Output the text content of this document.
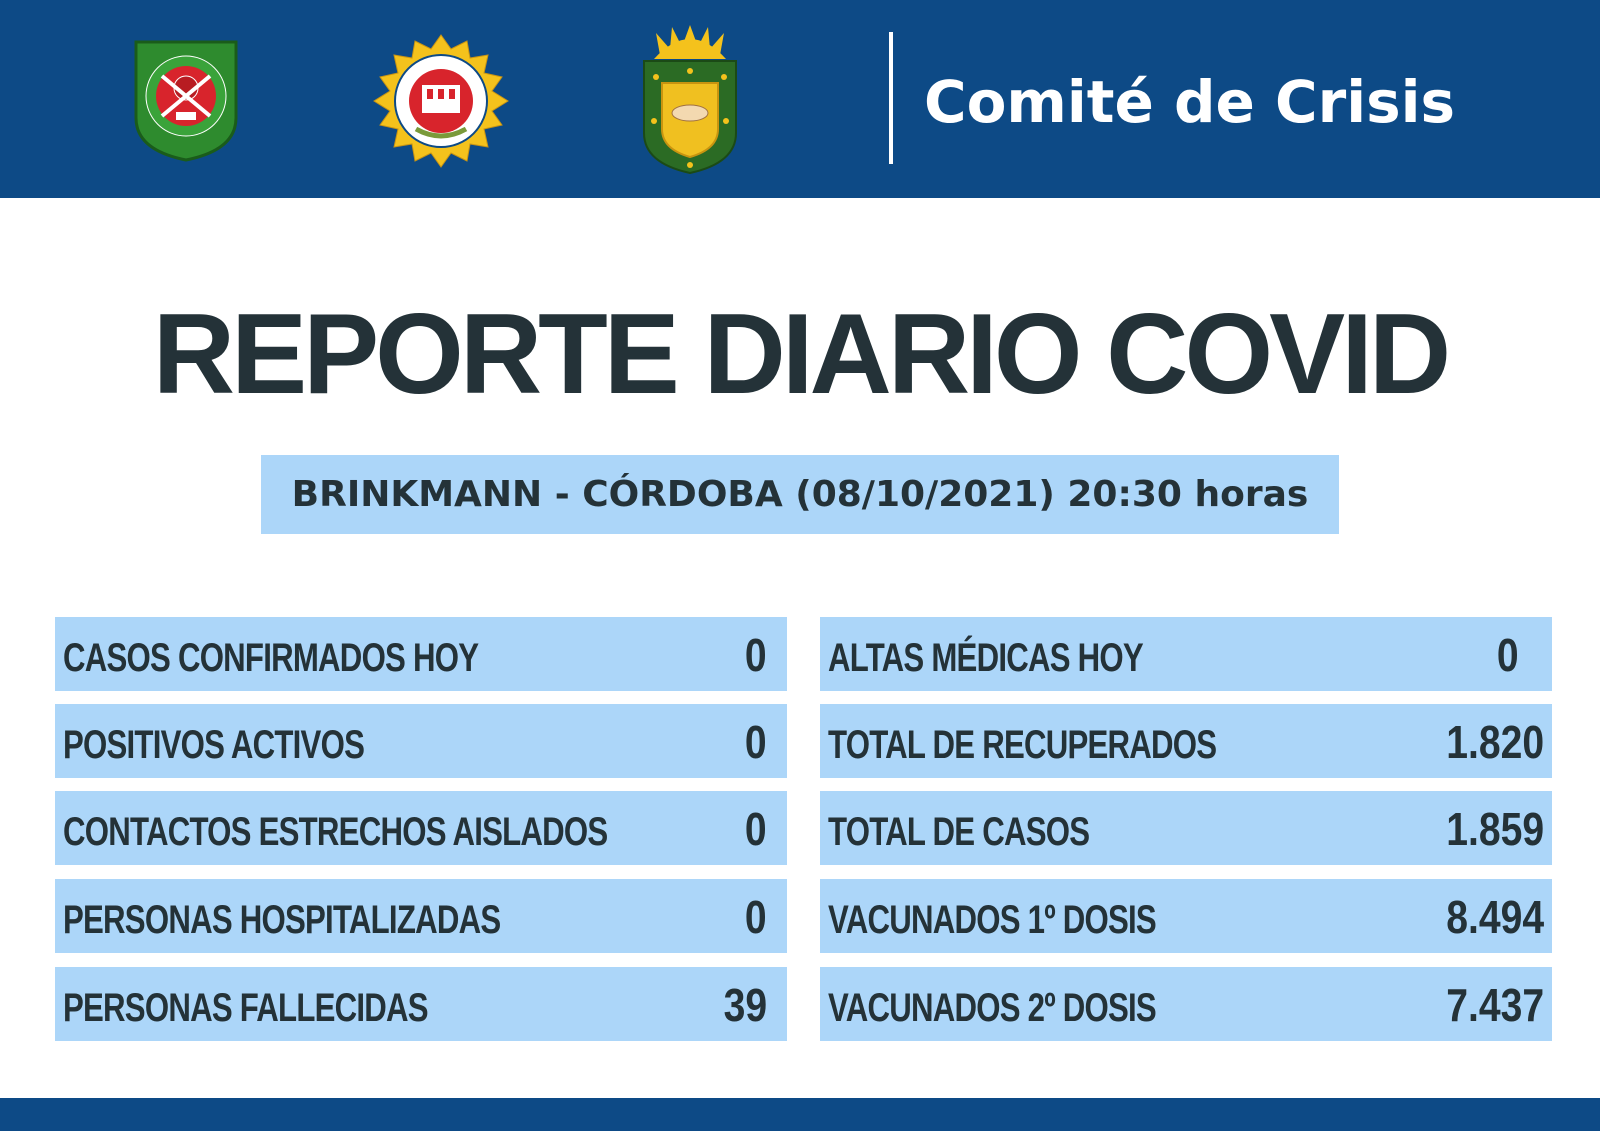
Comité de Crisis
REPORTE DIARIO COVID
BRINKMANN - CÓRDOBA (08/10/2021) 20:30 horas
CASOS CONFIRMADOS HOY	0
POSITIVOS ACTIVOS	0
CONTACTOS ESTRECHOS AISLADOS	0
PERSONAS HOSPITALIZADAS	0
PERSONAS FALLECIDAS	39
ALTAS MÉDICAS HOY	0
TOTAL DE RECUPERADOS	1.820
TOTAL DE CASOS	1.859
VACUNADOS 1º DOSIS	8.494
VACUNADOS 2º DOSIS	7.437
